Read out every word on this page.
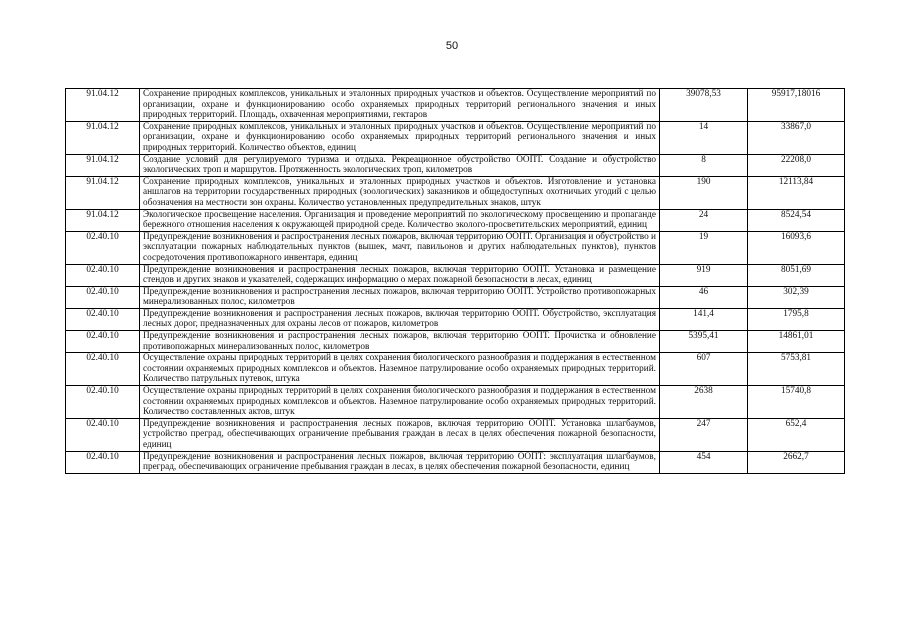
50
91.04.12	Сохранение природных комплексов, уникальных и эталонных природных участков и объектов. Осуществление мероприятий по организации, охране и функционированию особо охраняемых природных территорий регионального значения и иных природных территорий. Площадь, охваченная мероприятиями, гектаров	39078,53	95917,18016
91.04.12	Сохранение природных комплексов, уникальных и эталонных природных участков и объектов. Осуществление мероприятий по организации, охране и функционированию особо охраняемых природных территорий регионального значения и иных природных территорий. Количество объектов, единиц	14	33867,0
91.04.12	Создание условий для регулируемого туризма и отдыха. Рекреационное обустройство ООПТ. Создание и обустройство экологических троп и маршрутов. Протяженность экологических троп, километров	8	22208,0
91.04.12	Сохранение природных комплексов, уникальных и эталонных природных участков и объектов. Изготовление и установка аншлагов на территории государственных природных (зоологических) заказников и общедоступных охотничьих угодий с целью обозначения на местности зон охраны. Количество установленных предупредительных знаков, штук	190	12113,84
91.04.12	Экологическое просвещение населения. Организация и проведение мероприятий по экологическому просвещению и пропаганде бережного отношения населения к окружающей природной среде. Количество эколого-просветительских мероприятий, единиц	24	8524,54
02.40.10	Предупреждение возникновения и распространения лесных пожаров, включая территорию ООПТ. Организация и обустройство и эксплуатации пожарных наблюдательных пунктов (вышек, мачт, павильонов и других наблюдательных пунктов), пунктов сосредоточения противопожарного инвентаря, единиц	19	16093,6
02.40.10	Предупреждение возникновения и распространения лесных пожаров, включая территорию ООПТ. Установка и размещение стендов и других знаков и указателей, содержащих информацию о мерах пожарной безопасности в лесах, единиц	919	8051,69
02.40.10	Предупреждение возникновения и распространения лесных пожаров, включая территорию ООПТ. Устройство противопожарных минерализованных полос, километров	46	302,39
02.40.10	Предупреждение возникновения и распространения лесных пожаров, включая территорию ООПТ. Обустройство, эксплуатация лесных дорог, предназначенных для охраны лесов от пожаров, километров	141,4	1795,8
02.40.10	Предупреждение возникновения и распространения лесных пожаров, включая территорию ООПТ. Прочистка и обновление противопожарных минерализованных полос, километров	5395,41	14861,01
02.40.10	Осуществление охраны природных территорий в целях сохранения биологического разнообразия и поддержания в естественном состоянии охраняемых природных комплексов и объектов. Наземное патрулирование особо охраняемых природных территорий. Количество патрульных путевок, штука	607	5753,81
02.40.10	Осуществление охраны природных территорий в целях сохранения биологического разнообразия и поддержания в естественном состоянии охраняемых природных комплексов и объектов. Наземное патрулирование особо охраняемых природных территорий. Количество составленных актов, штук	2638	15740,8
02.40.10	Предупреждение возникновения и распространения лесных пожаров, включая территорию ООПТ. Установка шлагбаумов, устройство преград, обеспечивающих ограничение пребывания граждан в лесах в целях обеспечения пожарной безопасности, единиц	247	652,4
02.40.10	Предупреждение возникновения и распространения лесных пожаров, включая территорию ООПТ: эксплуатация шлагбаумов, преград, обеспечивающих ограничение пребывания граждан в лесах, в целях обеспечения пожарной безопасности, единиц	454	2662,7
